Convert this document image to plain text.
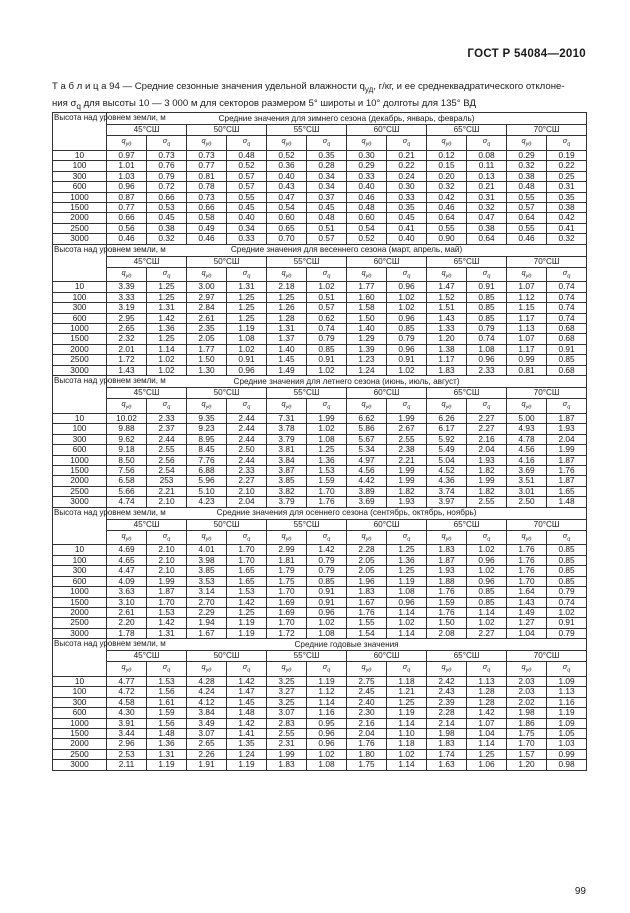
ГОСТ Р 54084—2010
Т а б л и ц а 94 — Средние сезонные значения удельной влажности $q_{уд}$, г/кг, и ее среднеквадратического отклоне-
ния $\sigma_q$ для высоты 10 — 3 000 м для секторов размером 5° широты и 10° долготы для 135° ВД
Высота над уровнем земли, м	Средние значения для зимнего сезона (декабрь, январь, февраль)											
	45°СШ		50°СШ		55°СШ		60°СШ		65°СШ		70°СШ	
	$q_{уд}$	$\sigma_q$	$q_{уд}$	$\sigma_q$	$q_{уд}$	$\sigma_q$	$q_{уд}$	$\sigma_q$	$q_{уд}$	$\sigma_q$	$q_{уд}$	$\sigma_q$
10	0.97	0.73	0.73	0.48	0.52	0.35	0.30	0.21	0.12	0.08	0.29	0.19
100	1.01	0.76	0.77	0.52	0.36	0.28	0.29	0.22	0.15	0.11	0.32	0.22
300	1.03	0.79	0.81	0.57	0.40	0.34	0.33	0.24	0.20	0.13	0.38	0.25
600	0.96	0.72	0.78	0.57	0.43	0.34	0.40	0.30	0.32	0.21	0.48	0.31
1000	0.87	0.66	0.73	0.55	0.47	0.37	0.46	0.33	0.42	0.31	0.55	0.35
1500	0.77	0.53	0.66	0.45	0.54	0.45	0.48	0.35	0.46	0.32	0.57	0.38
2000	0.66	0.45	0.58	0.40	0.60	0.48	0.60	0.45	0.64	0.47	0.64	0.42
2500	0.56	0.38	0.49	0.34	0.65	0.51	0.54	0.41	0.55	0.38	0.55	0.41
3000	0.46	0.32	0.46	0.33	0.70	0.57	0.52	0.40	0.90	0.64	0.46	0.32
Высота над уровнем земли, м	Средние значения для весеннего сезона (март, апрель, май)											
	45°СШ		50°СШ		55°СШ		60°СШ		65°СШ		70°СШ	
	$q_{уд}$	$\sigma_q$	$q_{уд}$	$\sigma_q$	$q_{уд}$	$\sigma_q$	$q_{уд}$	$\sigma_q$	$q_{уд}$	$\sigma_q$	$q_{уд}$	$\sigma_q$
10	3.39	1.25	3.00	1.31	2.18	1.02	1.77	0.96	1.47	0.91	1.07	0.74
100	3.33	1.25	2.97	1.25	1.25	0.51	1.60	1.02	1.52	0.85	1.12	0.74
300	3.19	1.31	2.84	1.25	1.26	0.57	1.58	1.02	1.51	0.85	1.15	0.74
600	2.95	1.42	2.61	1.25	1.28	0.62	1.50	0.96	1.43	0.85	1.17	0.74
1000	2.65	1.36	2.35	1.19	1.31	0.74	1.40	0.85	1.33	0.79	1.13	0.68
1500	2.32	1.25	2.05	1.08	1.37	0.79	1.29	0.79	1.20	0.74	1.07	0.68
2000	2.01	1.14	1.77	1.02	1.40	0.85	1.39	0.96	1.38	1.08	1.17	0.91
2500	1.72	1.02	1.50	0.91	1.45	0.91	1.23	0.91	1.17	0.96	0.99	0.85
3000	1.43	1.02	1.30	0.96	1.49	1.02	1.24	1.02	1.83	2.33	0.81	0.68
Высота над уровнем земли, м	Средние значения для летнего сезона (июнь, июль, август)											
	45°СШ		50°СШ		55°СШ		60°СШ		65°СШ		70°СШ	
	$q_{уд}$	$\sigma_q$	$q_{уд}$	$\sigma_q$	$q_{уд}$	$\sigma_q$	$q_{уд}$	$\sigma_q$	$q_{уд}$	$\sigma_q$	$q_{уд}$	$\sigma_q$
10	10.02	2.33	9.35	2.44	7.31	1.99	6.62	1.99	6.26	2.27	5.00	1.87
100	9.88	2.37	9.23	2.44	3.78	1.02	5.86	2.67	6.17	2.27	4.93	1.93
300	9.62	2.44	8.95	2.44	3.79	1.08	5.67	2.55	5.92	2.16	4.78	2.04
600	9.18	2.55	8.45	2.50	3.81	1.25	5.34	2.38	5.49	2.04	4.56	1.99
1000	8.50	2.56	7.76	2.44	3.84	1.36	4.97	2.21	5.04	1.93	4.16	1.87
1500	7.56	2.54	6.88	2.33	3.87	1.53	4.56	1.99	4.52	1.82	3.69	1.76
2000	6.58	253	5.96	2.27	3.85	1.59	4.42	1.99	4.36	1.99	3.51	1.87
2500	5.66	2.21	5.10	2.10	3.82	1.70	3.89	1.82	3.74	1.82	3.01	1.65
3000	4.74	2.10	4.23	2.04	3.79	1.76	3.69	1.93	3.97	2.55	2.50	1.48
Высота над уровнем земли, м	Средние значения для осеннего сезона (сентябрь, октябрь, ноябрь)											
	45°СШ		50°СШ		55°СШ		60°СШ		65°СШ		70°СШ	
	$q_{уд}$	$\sigma_q$	$q_{уд}$	$\sigma_q$	$q_{уд}$	$\sigma_q$	$q_{уд}$	$\sigma_q$	$q_{уд}$	$\sigma_q$	$q_{уд}$	$\sigma_q$
10	4.69	2.10	4.01	1.70	2.99	1.42	2.28	1.25	1.83	1.02	1.76	0.85
100	4.65	2.10	3.98	1.70	1.81	0.79	2.05	1.36	1.87	0.96	1.76	0.85
300	4.47	2.10	3.85	1.65	1.79	0.79	2.05	1.25	1.93	1.02	1.76	0.85
600	4.09	1.99	3.53	1.65	1.75	0.85	1.96	1.19	1.88	0.96	1.70	0.85
1000	3.63	1.87	3.14	1.53	1.70	0.91	1.83	1.08	1.76	0.85	1.64	0.79
1500	3.10	1.70	2.70	1.42	1.69	0.91	1.67	0.96	1.59	0.85	1.43	0.74
2000	2.61	1.53	2.29	1.25	1.69	0.96	1.76	1.14	1.76	1.14	1.49	1.02
2500	2.20	1.42	1.94	1.19	1.70	1.02	1.55	1.02	1.50	1.02	1.27	0.91
3000	1.78	1.31	1.67	1.19	1.72	1.08	1.54	1.14	2.08	2.27	1.04	0.79
Высота над уровнем земли, м	Средние годовые значения											
	45°СШ		50°СШ		55°СШ		60°СШ		65°СШ		70°СШ	
	$q_{уд}$	$\sigma_q$	$q_{уд}$	$\sigma_q$	$q_{уд}$	$\sigma_q$	$q_{уд}$	$\sigma_q$	$q_{уд}$	$\sigma_q$	$q_{уд}$	$\sigma_q$
10	4.77	1.53	4.28	1.42	3.25	1.19	2.75	1.18	2.42	1.13	2.03	1.09
100	4.72	1.56	4.24	1.47	3.27	1.12	2.45	1.21	2.43	1.28	2.03	1.13
300	4.58	1.61	4.12	1.45	3.25	1.14	2.40	1.25	2.39	1.28	2.02	1.16
600	4.30	1.59	3.84	1.48	3.07	1.16	2.30	1.19	2.28	1.42	1.98	1.19
1000	3.91	1.56	3.49	1.42	2.83	0.95	2.16	1.14	2.14	1.07	1.86	1.09
1500	3.44	1.48	3.07	1.41	2.55	0.96	2.04	1.10	1.98	1.04	1.75	1.05
2000	2.96	1.36	2.65	1.35	2.31	0.96	1.76	1.18	1.83	1.14	1.70	1.03
2500	2.53	1.31	2.26	1.24	1.99	1.02	1.80	1.02	1.74	1.25	1.57	0.99
3000	2.11	1.19	1.91	1.19	1.83	1.08	1.75	1.14	1.63	1.06	1.20	0.98
99
